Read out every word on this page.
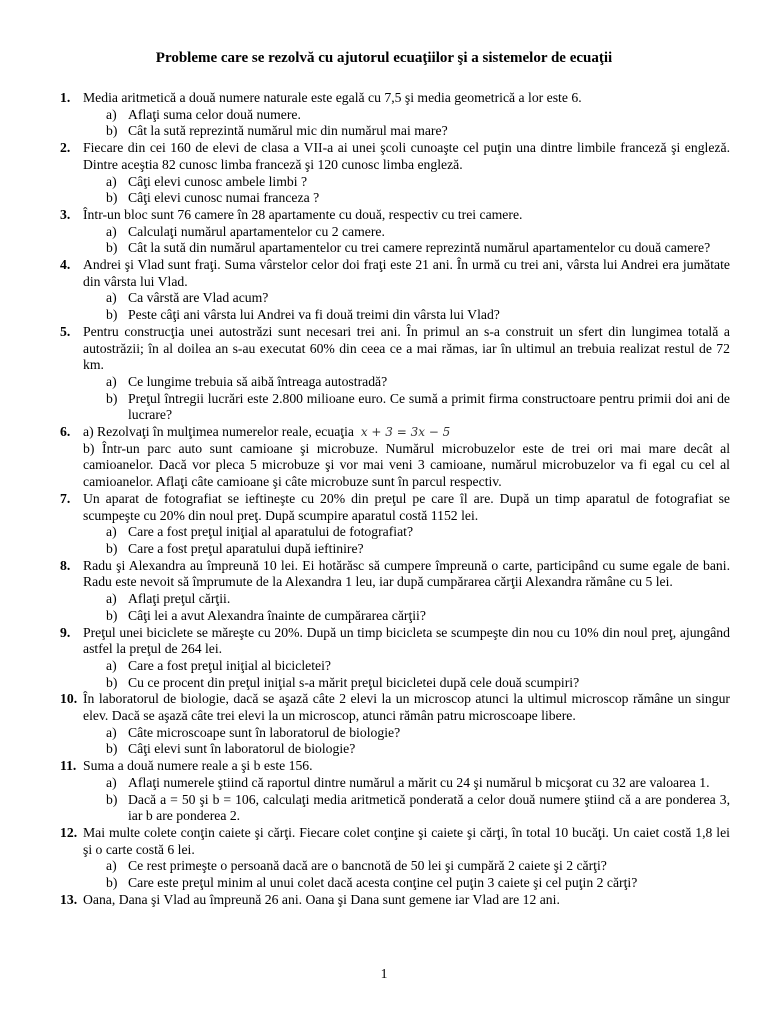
Probleme care se rezolvă cu ajutorul ecuaţiilor şi a sistemelor de ecuaţii
1. Media aritmetică a două numere naturale este egală cu 7,5 şi media geometrică a lor este 6.
a) Aflaţi suma celor două numere.
b) Cât la sută reprezintă numărul mic din numărul mai mare?
2. Fiecare din cei 160 de elevi de clasa a VII-a ai unei şcoli cunoaşte cel puţin una dintre limbile franceză şi engleză. Dintre aceştia 82 cunosc limba franceză şi 120 cunosc limba engleză.
a) Câţi elevi cunosc ambele limbi ?
b) Câţi elevi cunosc numai franceza ?
3. Într-un bloc sunt 76 camere în 28 apartamente cu două, respectiv cu trei camere.
a) Calculaţi numărul apartamentelor cu 2 camere.
b) Cât la sută din numărul apartamentelor cu trei camere reprezintă numărul apartamentelor cu două camere?
4. Andrei şi Vlad sunt fraţi. Suma vârstelor celor doi fraţi este 21 ani. În urmă cu trei ani, vârsta lui Andrei era jumătate din vârsta lui Vlad.
a) Ca vârstă are Vlad acum?
b) Peste câţi ani vârsta lui Andrei va fi două treimi din vârsta lui Vlad?
5. Pentru construcţia unei autostrăzi sunt necesari trei ani. În primul an s-a construit un sfert din lungimea totală a autostrăzii; în al doilea an s-au executat 60% din ceea ce a mai rămas, iar în ultimul an trebuia realizat restul de 72 km.
a) Ce lungime trebuia să aibă întreaga autostradă?
b) Preţul întregii lucrări este 2.800 milioane euro. Ce sumă a primit firma constructoare pentru primii doi ani de lucrare?
6. a) Rezolvaţi în mulţimea numerelor reale, ecuaţia x + 3 = 3x − 5
b) Într-un parc auto sunt camioane şi microbuze. Numărul microbuzelor este de trei ori mai mare decât al camioanelor. Dacă vor pleca 5 microbuze şi vor mai veni 3 camioane, numărul microbuzelor va fi egal cu cel al camioanelor. Aflaţi câte camioane şi câte microbuze sunt în parcul respectiv.
7. Un aparat de fotografiat se ieftineşte cu 20% din preţul pe care îl are. După un timp aparatul de fotografiat se scumpeşte cu 20% din noul preţ. După scumpire aparatul costă 1152 lei.
a) Care a fost preţul iniţial al aparatului de fotografiat?
b) Care a fost preţul aparatului după ieftinire?
8. Radu şi Alexandra au împreună 10 lei. Ei hotărăsc să cumpere împreună o carte, participând cu sume egale de bani. Radu este nevoit să împrumute de la Alexandra 1 leu, iar după cumpărarea cărţii Alexandra rămâne cu 5 lei.
a) Aflaţi preţul cărţii.
b) Câţi lei a avut Alexandra înainte de cumpărarea cărţii?
9. Preţul unei biciclete se măreşte cu 20%. După un timp bicicleta se scumpeşte din nou cu 10% din noul preţ, ajungând astfel la preţul de 264 lei.
a) Care a fost preţul iniţial al bicicletei?
b) Cu ce procent din preţul iniţial s-a mărit preţul bicicletei după cele două scumpiri?
10. În laboratorul de biologie, dacă se aşază câte 2 elevi la un microscop atunci la ultimul microscop rămâne un singur elev. Dacă se aşază câte trei elevi la un microscop, atunci rămân patru microscoape libere.
a) Câte microscoape sunt în laboratorul de biologie?
b) Câţi elevi sunt în laboratorul de biologie?
11. Suma a două numere reale a şi b este 156.
a) Aflaţi numerele ştiind că raportul dintre numărul a mărit cu 24 şi numărul b micşorat cu 32 are valoarea 1.
b) Dacă a = 50 şi b = 106, calculaţi media aritmetică ponderată a celor două numere ştiind că a are ponderea 3, iar b are ponderea 2.
12. Mai multe colete conţin caiete şi cărţi. Fiecare colet conţine şi caiete şi cărţi, în total 10 bucăţi. Un caiet costă 1,8 lei şi o carte costă 6 lei.
a) Ce rest primeşte o persoană dacă are o bancnotă de 50 lei şi cumpără 2 caiete şi 2 cărţi?
b) Care este preţul minim al unui colet dacă acesta conţine cel puţin 3 caiete şi cel puţin 2 cărţi?
13. Oana, Dana şi Vlad au împreună 26 ani. Oana şi Dana sunt gemene iar Vlad are 12 ani.
1
